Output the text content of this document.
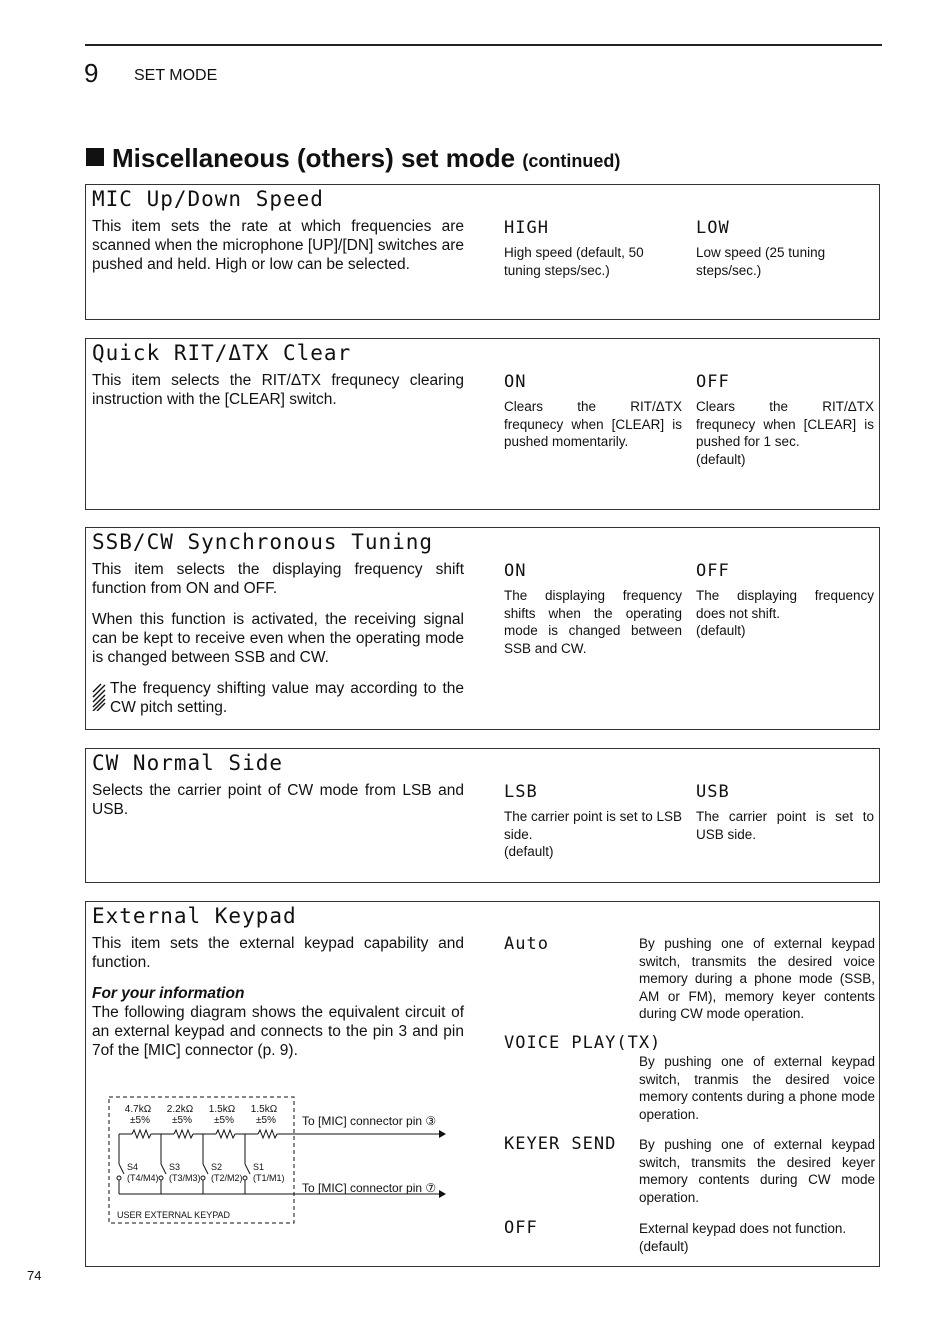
9 SET MODE
Miscellaneous (others) set mode (continued)
MIC Up/Down Speed
This item sets the rate at which frequencies are scanned when the microphone [UP]/[DN] switches are pushed and held. High or low can be selected.
HIGH
High speed (default, 50 tuning steps/sec.)
LOW
Low speed (25 tuning steps/sec.)
Quick RIT/ΔTX Clear
This item selects the RIT/ΔTX frequnecy clearing instruction with the [CLEAR] switch.
ON
Clears the RIT/ΔTX frequnecy when [CLEAR] is pushed momentarily.
OFF
Clears the RIT/ΔTX frequnecy when [CLEAR] is pushed for 1 sec.
(default)
SSB/CW Synchronous Tuning

This item selects the displaying frequency shift function from ON and OFF.

When this function is activated, the receiving signal can be kept to receive even when the operating mode is changed between SSB and CW.

The frequency shifting value may according to the CW pitch setting.
ON
The displaying frequency shifts when the operating mode is changed between SSB and CW.
OFF
The displaying frequency does not shift.
(default)
CW Normal Side
Selects the carrier point of CW mode from LSB and USB.
LSB
The carrier point is set to LSB side.
(default)
USB
The carrier point is set to USB side.
External Keypad

This item sets the external keypad capability and function.

For your information
The following diagram shows the equivalent circuit of an external keypad and connects to the pin 3 and pin 7of the [MIC] connector (p. 9).
4.7kΩ
±5%
2.2kΩ
±5%
1.5kΩ
±5%
1.5kΩ
±5%
S4
(T4/M4)
S3
(T3/M3)
S2
(T2/M2)
S1
(T1/M1)
USER EXTERNAL KEYPAD
To [MIC] connector pin ③
To [MIC] connector pin ⑦
Auto	By pushing one of external keypad switch, transmits the desired voice memory during a phone mode (SSB, AM or FM), memory keyer contents during CW mode operation.
VOICE PLAY(TX)
By pushing one of external keypad switch, tranmis the desired voice memory contents during a phone mode operation.
KEYER SEND By pushing one of external keypad switch, transmits the desired keyer memory contents during CW mode operation.
OFF	External keypad does not function.
(default)
74
